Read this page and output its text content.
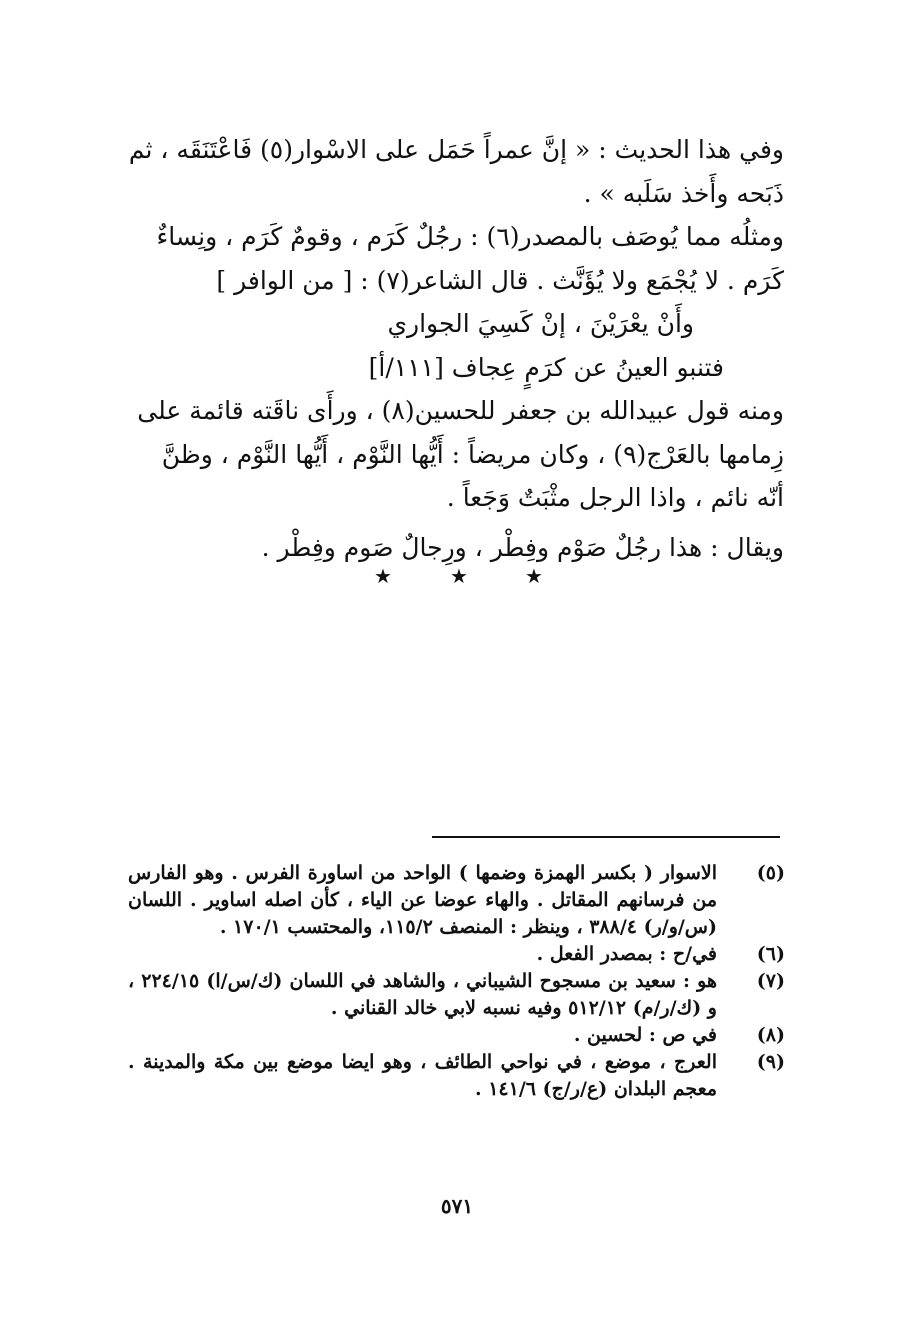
وفي هذا الحديث : « إنَّ عمراً حَمَل على الاسْوار(٥) فَاعْتَنَقَه ، ثم ذَبَحه وأَخذ سَلَبه » .

ومثلُه مما يُوصَف بالمصدر(٦) : رجُلٌ كَرَم ، وقومٌ كَرَم ، ونِساءٌ كَرَم . لا يُجْمَع ولا يُؤَنَّث . قال الشاعر(٧) : [ من الوافر ]

وأَنْ يعْرَيْنَ ، إنْ كَسِيَ الجواري

فتنبو العينُ عن كرَمٍ عِجاف [١١١/أ]

ومنه قول عبيدالله بن جعفر للحسين(٨) ، ورأَى ناقَته قائمة على زِمامها بالعَرْج(٩) ، وكان مريضاً : أَيُّها النَّوْم ، أَيُّها النَّوْم ، وظنَّ أنّه نائم ، واذا الرجل مثْبَتٌ وَجَعاً .

ويقال : هذا رجُلٌ صَوْم وفِطْر ، ورِجالٌ صَوم وفِطْر .

★
★
★
(٥)
الاسوار ( بكسر الهمزة وضمها ) الواحد من اساورة الفرس . وهو الفارس من فرسانهم المقاتل . والهاء عوضا عن الياء ، كأن اصله اساوير . اللسان (س/و/ر) ٣٨٨/٤ ، وينظر : المنصف ١١٥/٢، والمحتسب ١٧٠/١ .
(٦)
في/ح : بمصدر الفعل .
(٧)
هو : سعيد بن مسجوح الشيباني ، والشاهد في اللسان (ك/س/ا) ٢٢٤/١٥ ، و (ك/ر/م) ٥١٢/١٢ وفيه نسبه لابي خالد القناني .
(٨)
في ص : لحسين .
(٩)
العرج ، موضع ، في نواحي الطائف ، وهو ايضا موضع بين مكة والمدينة . معجم البلدان (ع/ر/ج) ١٤١/٦ .
٥٧١
